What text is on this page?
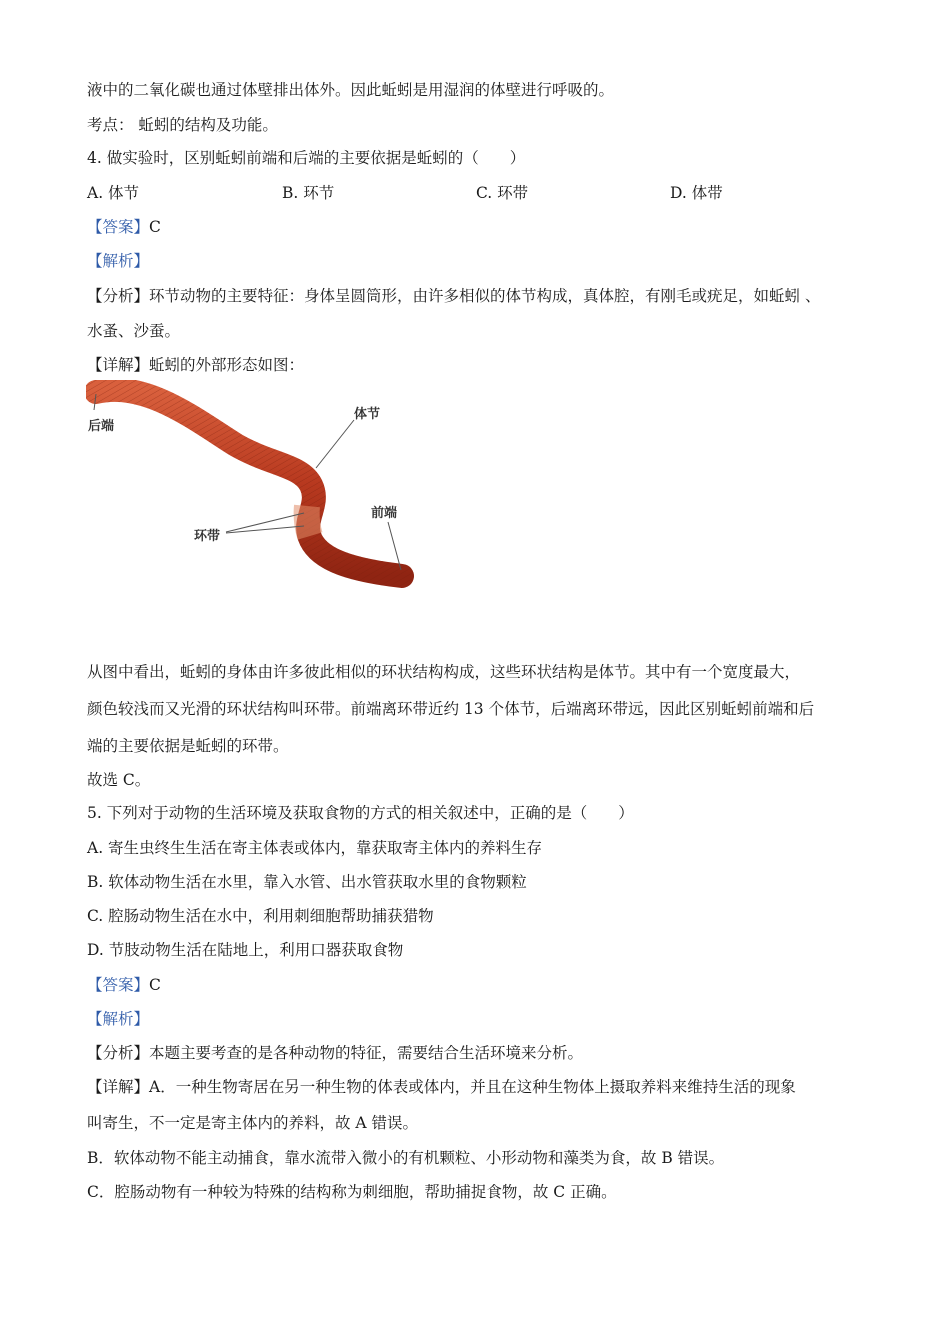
液中的二氧化碳也通过体壁排出体外。因此蚯蚓是用湿润的体壁进行呼吸的。
考点： 蚯蚓的结构及功能。
4. 做实验时，区别蚯蚓前端和后端的主要依据是蚯蚓的（　　）
A. 体节	B. 环节	C. 环带	D. 体带
【答案】C
【解析】
【分析】环节动物的主要特征：身体呈圆筒形，由许多相似的体节构成，真体腔，有刚毛或疣足，如蚯蚓 、
水蚤、沙蚕。
【详解】蚯蚓的外部形态如图：
后端
体节
前端
环带
从图中看出，蚯蚓的身体由许多彼此相似的环状结构构成，这些环状结构是体节。其中有一个宽度最大，
颜色较浅而又光滑的环状结构叫环带。前端离环带近约 13 个体节，后端离环带远，因此区别蚯蚓前端和后
端的主要依据是蚯蚓的环带。
故选 C。
5. 下列对于动物的生活环境及获取食物的方式的相关叙述中，正确的是（　　）
A. 寄生虫终生生活在寄主体表或体内，靠获取寄主体内的养料生存
B. 软体动物生活在水里，靠入水管、出水管获取水里的食物颗粒
C. 腔肠动物生活在水中，利用刺细胞帮助捕获猎物
D. 节肢动物生活在陆地上，利用口器获取食物
【答案】C
【解析】
【分析】本题主要考查的是各种动物的特征，需要结合生活环境来分析。
【详解】A．一种生物寄居在另一种生物的体表或体内，并且在这种生物体上摄取养料来维持生活的现象
叫寄生，不一定是寄主体内的养料，故 A 错误。
B．软体动物不能主动捕食，靠水流带入微小的有机颗粒、小形动物和藻类为食，故 B 错误。
C．腔肠动物有一种较为特殊的结构称为刺细胞，帮助捕捉食物，故 C 正确。
